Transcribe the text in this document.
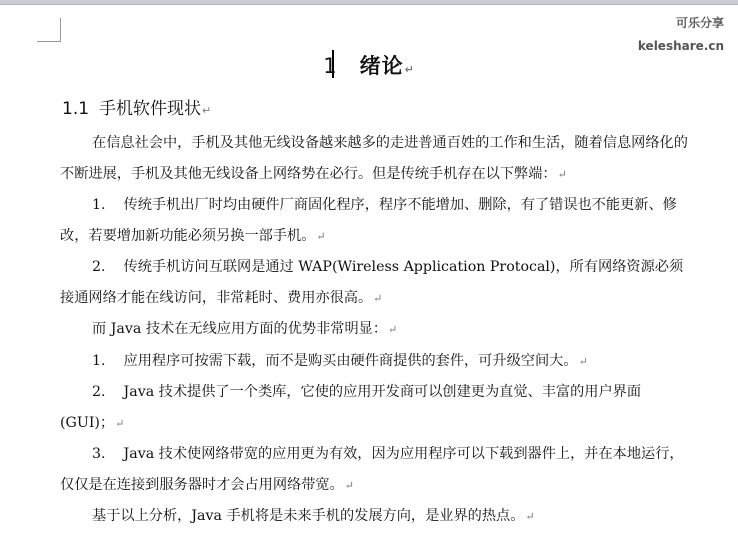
可乐分享
keleshare.cn
1 绪论↵
1.1 手机软件现状↵

在信息社会中，手机及其他无线设备越来越多的走进普通百姓的工作和生活，随着信息网络化的不断进展，手机及其他无线设备上网络势在必行。但是传统手机存在以下弊端：↵

1. 传统手机出厂时均由硬件厂商固化程序，程序不能增加、删除，有了错误也不能更新、修改，若要增加新功能必须另换一部手机。↵

2. 传统手机访问互联网是通过 WAP(Wireless Application Protocal)，所有网络资源必须接通网络才能在线访问，非常耗时、费用亦很高。↵

而 Java 技术在无线应用方面的优势非常明显：↵

1. 应用程序可按需下载，而不是购买由硬件商提供的套件，可升级空间大。↵

2. Java 技术提供了一个类库，它使的应用开发商可以创建更为直觉、丰富的用户界面(GUI)；↵

3. Java 技术使网络带宽的应用更为有效，因为应用程序可以下载到器件上，并在本地运行，仅仅是在连接到服务器时才会占用网络带宽。↵

基于以上分析，Java 手机将是未来手机的发展方向，是业界的热点。↵
